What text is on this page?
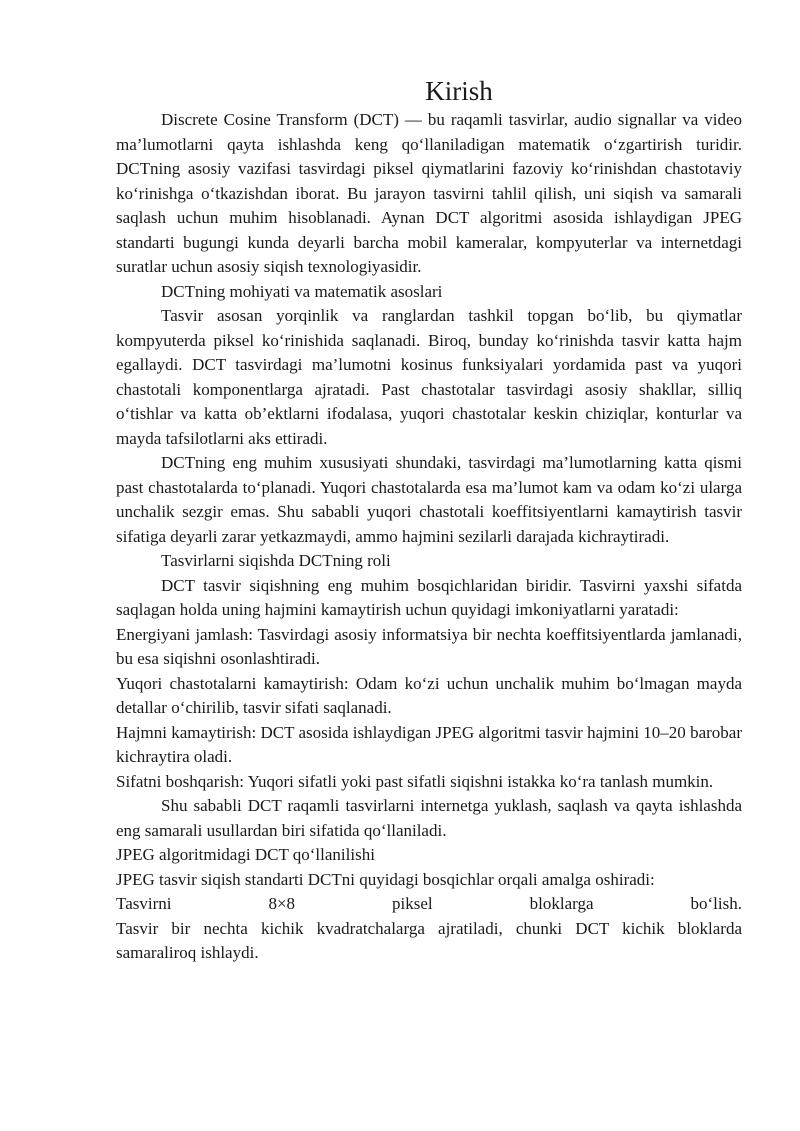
Kirish

Discrete Cosine Transform (DCT) — bu raqamli tasvirlar, audio signallar va video ma’lumotlarni qayta ishlashda keng qo‘llaniladigan matematik o‘zgartirish turidir. DCTning asosiy vazifasi tasvirdagi piksel qiymatlarini fazoviy ko‘rinishdan chastotaviy ko‘rinishga o‘tkazishdan iborat. Bu jarayon tasvirni tahlil qilish, uni siqish va samarali saqlash uchun muhim hisoblanadi. Aynan DCT algoritmi asosida ishlaydigan JPEG standarti bugungi kunda deyarli barcha mobil kameralar, kompyuterlar va internetdagi suratlar uchun asosiy siqish texnologiyasidir.

DCTning mohiyati va matematik asoslari

Tasvir asosan yorqinlik va ranglardan tashkil topgan bo‘lib, bu qiymatlar kompyuterda piksel ko‘rinishida saqlanadi. Biroq, bunday ko‘rinishda tasvir katta hajm egallaydi. DCT tasvirdagi ma’lumotni kosinus funksiyalari yordamida past va yuqori chastotali komponentlarga ajratadi. Past chastotalar tasvirdagi asosiy shakllar, silliq o‘tishlar va katta ob’ektlarni ifodalasa, yuqori chastotalar keskin chiziqlar, konturlar va mayda tafsilotlarni aks ettiradi.

DCTning eng muhim xususiyati shundaki, tasvirdagi ma’lumotlarning katta qismi past chastotalarda to‘planadi. Yuqori chastotalarda esa ma’lumot kam va odam ko‘zi ularga unchalik sezgir emas. Shu sababli yuqori chastotali koeffitsiyentlarni kamaytirish tasvir sifatiga deyarli zarar yetkazmaydi, ammo hajmini sezilarli darajada kichraytiradi.

Tasvirlarni siqishda DCTning roli

DCT tasvir siqishning eng muhim bosqichlaridan biridir. Tasvirni yaxshi sifatda saqlagan holda uning hajmini kamaytirish uchun quyidagi imkoniyatlarni yaratadi:

Energiyani jamlash: Tasvirdagi asosiy informatsiya bir nechta koeffitsiyentlarda jamlanadi, bu esa siqishni osonlashtiradi.

Yuqori chastotalarni kamaytirish: Odam ko‘zi uchun unchalik muhim bo‘lmagan mayda detallar o‘chirilib, tasvir sifati saqlanadi.

Hajmni kamaytirish: DCT asosida ishlaydigan JPEG algoritmi tasvir hajmini 10–20 barobar kichraytira oladi.

Sifatni boshqarish: Yuqori sifatli yoki past sifatli siqishni istakka ko‘ra tanlash mumkin.

Shu sababli DCT raqamli tasvirlarni internetga yuklash, saqlash va qayta ishlashda eng samarali usullardan biri sifatida qo‘llaniladi.

JPEG algoritmidagi DCT qo‘llanilishi

JPEG tasvir siqish standarti DCTni quyidagi bosqichlar orqali amalga oshiradi:

Tasvirni 8×8 piksel bloklarga bo‘lish.

Tasvir bir nechta kichik kvadratchalarga ajratiladi, chunki DCT kichik bloklarda samaraliroq ishlaydi.
